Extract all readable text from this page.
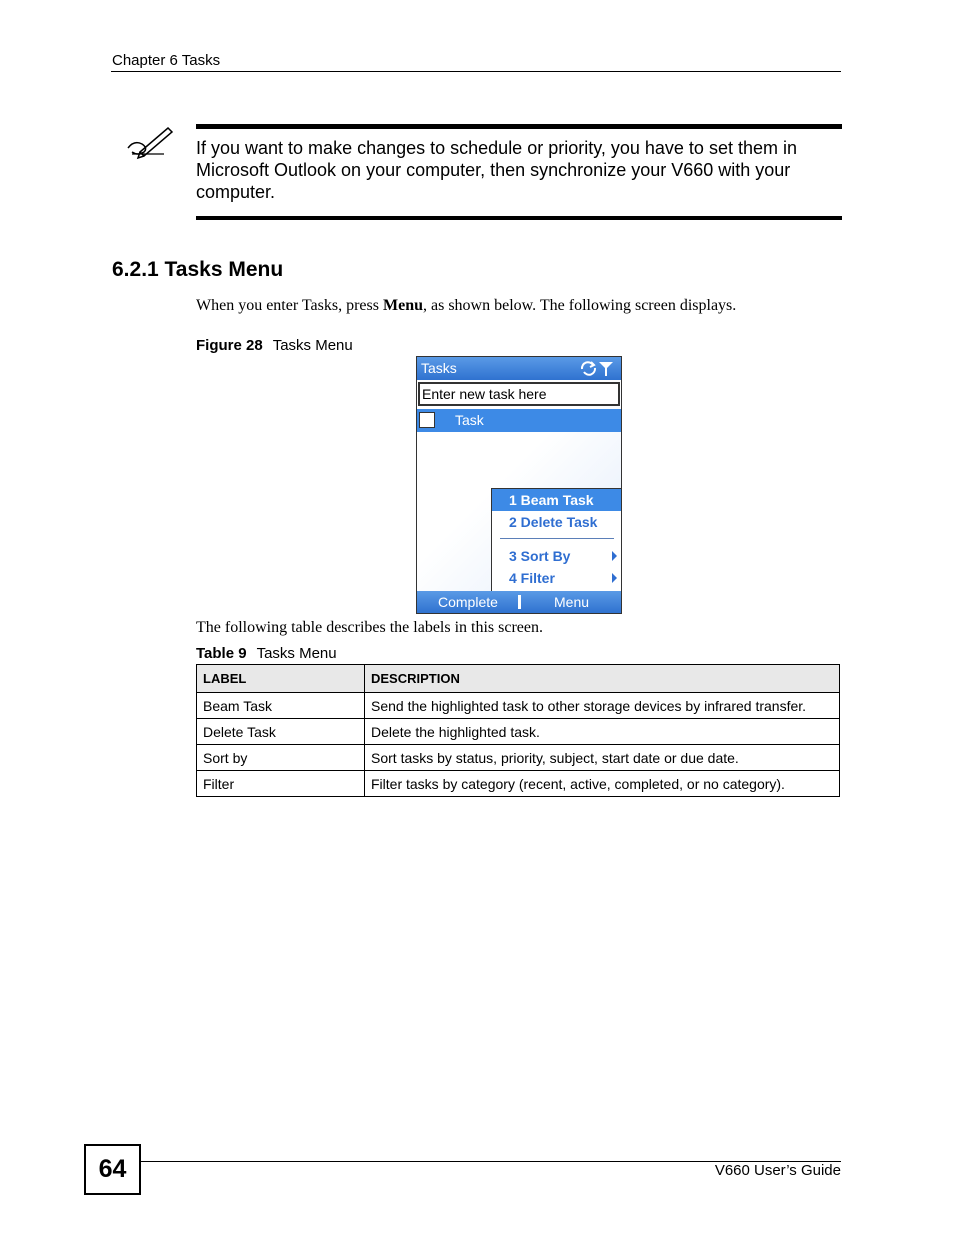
Chapter 6 Tasks
If you want to make changes to schedule or priority, you have to set them in Microsoft Outlook on your computer, then synchronize your V660 with your computer.
6.2.1 Tasks Menu
When you enter Tasks, press Menu, as shown below. The following screen displays.
Figure 28 Tasks Menu
Tasks
Enter new task here
Task
1 Beam Task
2 Delete Task
3 Sort By
4 Filter
Complete	Menu
The following table describes the labels in this screen.
Table 9 Tasks Menu
LABEL	DESCRIPTION
Beam Task	Send the highlighted task to other storage devices by infrared transfer.
Delete Task	Delete the highlighted task.
Sort by	Sort tasks by status, priority, subject, start date or due date.
Filter	Filter tasks by category (recent, active, completed, or no category).
64	V660 User’s Guide
